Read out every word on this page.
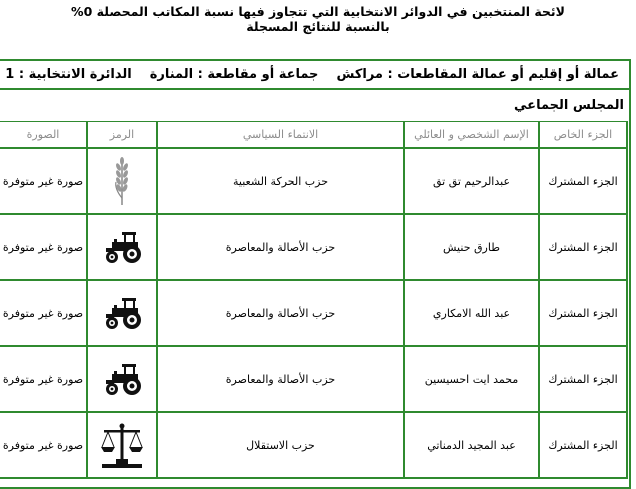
لائحة المنتخبين في الدوائر الانتخابية التي تتجاوز فيها نسبة المكاتب المحصلة 0%
بالنسبة للنتائج المسجلة
عمالة أو إقليم أو عمالة المقاطعات : مراكش
جماعة أو مقاطعة : المنارة
الدائرة الانتخابية : 1
المجلس الجماعي
الجزء الخاص	الإسم الشخصي و العائلي	الانتماء السياسي	الرمز	الصورة
الجزء المشترك	عبدالرحيم تق تق	حزب الحركة الشعبية		صورة غير متوفرة
الجزء المشترك	طارق حنيش	حزب الأصالة والمعاصرة		صورة غير متوفرة
الجزء المشترك	عبد الله الامكاري	حزب الأصالة والمعاصرة		صورة غير متوفرة
الجزء المشترك	محمد ايت احسيسين	حزب الأصالة والمعاصرة		صورة غير متوفرة
الجزء المشترك	عبد المجيد الدمناتي	حزب الاستقلال		صورة غير متوفرة
